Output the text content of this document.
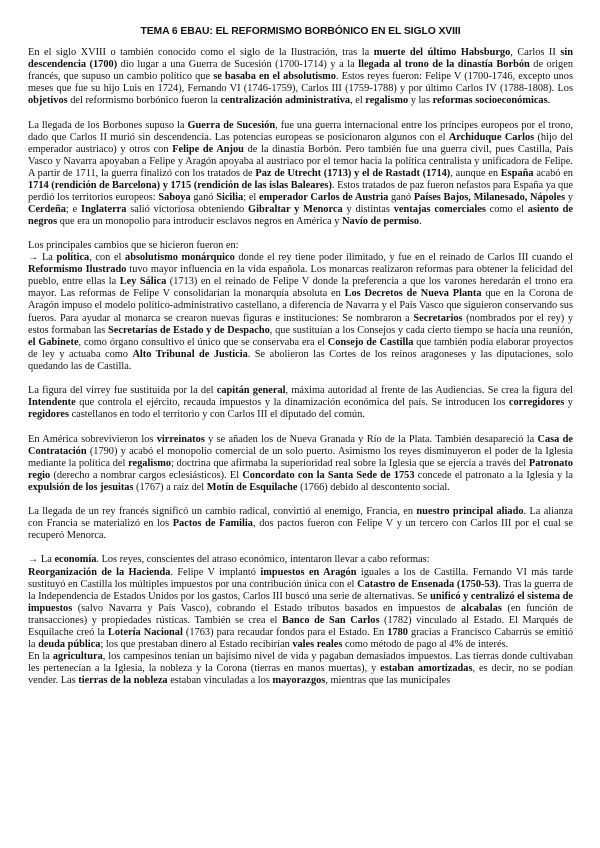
TEMA 6 EBAU: EL REFORMISMO BORBÓNICO EN EL SIGLO XVIII
En el siglo XVIII o también conocido como el siglo de la Ilustración, tras la muerte del último Habsburgo, Carlos II sin descendencia (1700) dio lugar a una Guerra de Sucesión (1700-1714) y a la llegada al trono de la dinastía Borbón de origen francés, que supuso un cambio político que se basaba en el absolutismo. Estos reyes fueron: Felipe V (1700-1746, excepto unos meses que fue su hijo Luis en 1724), Fernando VI (1746-1759), Carlos III (1759-1788) y por último Carlos IV (1788-1808). Los objetivos del reformismo borbónico fueron la centralización administrativa, el regalismo y las reformas socioeconómicas.
La llegada de los Borbones supuso la Guerra de Sucesión, fue una guerra internacional entre los príncipes europeos por el trono, dado que Carlos II murió sin descendencia. Las potencias europeas se posicionaron algunos con el Archiduque Carlos (hijo del emperador austriaco) y otros con Felipe de Anjou de la dinastía Borbón. Pero también fue una guerra civil, pues Castilla, País Vasco y Navarra apoyaban a Felipe y Aragón apoyaba al austriaco por el temor hacia la política centralista y unificadora de Felipe. A partir de 1711, la guerra finalizó con los tratados de Paz de Utrecht (1713) y el de Rastadt (1714), aunque en España acabó en 1714 (rendición de Barcelona) y 1715 (rendición de las islas Baleares). Estos tratados de paz fueron nefastos para España ya que perdió los territorios europeos: Saboya ganó Sicilia; el emperador Carlos de Austria ganó Países Bajos, Milanesado, Nápoles y Cerdeña; e Inglaterra salió victoriosa obteniendo Gibraltar y Menorca y distintas ventajas comerciales como el asiento de negros que era un monopolio para introducir esclavos negros en América y Navío de permiso.
Los principales cambios que se hicieron fueron en:
→ La política, con el absolutismo monárquico donde el rey tiene poder ilimitado, y fue en el reinado de Carlos III cuando el Reformismo Ilustrado tuvo mayor influencia en la vida española. Los monarcas realizaron reformas para obtener la felicidad del pueblo, entre ellas la Ley Sálica (1713) en el reinado de Felipe V donde la preferencia a que los varones heredarán el trono era mayor. Las reformas de Felipe V consolidarían la monarquía absoluta en Los Decretos de Nueva Planta que en la Corona de Aragón impuso el modelo político-administrativo castellano, a diferencia de Navarra y el País Vasco que siguieron conservando sus fueros. Para ayudar al monarca se crearon nuevas figuras e instituciones: Se nombraron a Secretarios (nombrados por el rey) y estos formaban las Secretarías de Estado y de Despacho, que sustituían a los Consejos y cada cierto tiempo se hacía una reunión, el Gabinete, como órgano consultivo el único que se conservaba era el Consejo de Castilla que también podía elaborar proyectos de ley y actuaba como Alto Tribunal de Justicia. Se abolieron las Cortes de los reinos aragoneses y las diputaciones, solo quedando las de Castilla.
La figura del virrey fue sustituida por la del capitán general, máxima autoridad al frente de las Audiencias. Se crea la figura del Intendente que controla el ejército, recauda impuestos y la dinamización económica del país. Se introducen los corregidores y regidores castellanos en todo el territorio y con Carlos III el diputado del común.
En América sobrevivieron los virreinatos y se añaden los de Nueva Granada y Río de la Plata. También desapareció la Casa de Contratación (1790) y acabó el monopolio comercial de un solo puerto. Asimismo los reyes disminuyeron el poder de la Iglesia mediante la política del regalismo; doctrina que afirmaba la superioridad real sobre la Iglesia que se ejercía a través del Patronato regio (derecho a nombrar cargos eclesiásticos). El Concordato con la Santa Sede de 1753 concede el patronato a la Iglesia y la expulsión de los jesuitas (1767) a raíz del Motín de Esquilache (1766) debido al descontento social.
La llegada de un rey francés significó un cambio radical, convirtió al enemigo, Francia, en nuestro principal aliado. La alianza con Francia se materializó en los Pactos de Familia, dos pactos fueron con Felipe V y un tercero con Carlos III por el cual se recuperó Menorca.
→ La economía. Los reyes, conscientes del atraso económico, intentaron llevar a cabo reformas:
Reorganización de la Hacienda. Felipe V implantó impuestos en Aragón iguales a los de Castilla. Fernando VI más tarde sustituyó en Castilla los múltiples impuestos por una contribución única con el Catastro de Ensenada (1750-53). Tras la guerra de la Independencia de Estados Unidos por los gastos, Carlos III buscó una serie de alternativas. Se unificó y centralizó el sistema de impuestos (salvo Navarra y País Vasco), cobrando el Estado tributos basados en impuestos de alcabalas (en función de transacciones) y propiedades rústicas. También se crea el Banco de San Carlos (1782) vinculado al Estado. El Marqués de Esquilache creó la Lotería Nacional (1763) para recaudar fondos para el Estado. En 1780 gracias a Francisco Cabarrús se emitió la deuda pública; los que prestaban dinero al Estado recibirían vales reales como método de pago al 4% de interés.
En la agricultura, los campesinos tenían un bajísimo nivel de vida y pagaban demasiados impuestos. Las tierras donde cultivaban les pertenecían a la Iglesia, la nobleza y la Corona (tierras en manos muertas), y estaban amortizadas, es decir, no se podían vender. Las tierras de la nobleza estaban vinculadas a los mayorazgos, mientras que las municipales
